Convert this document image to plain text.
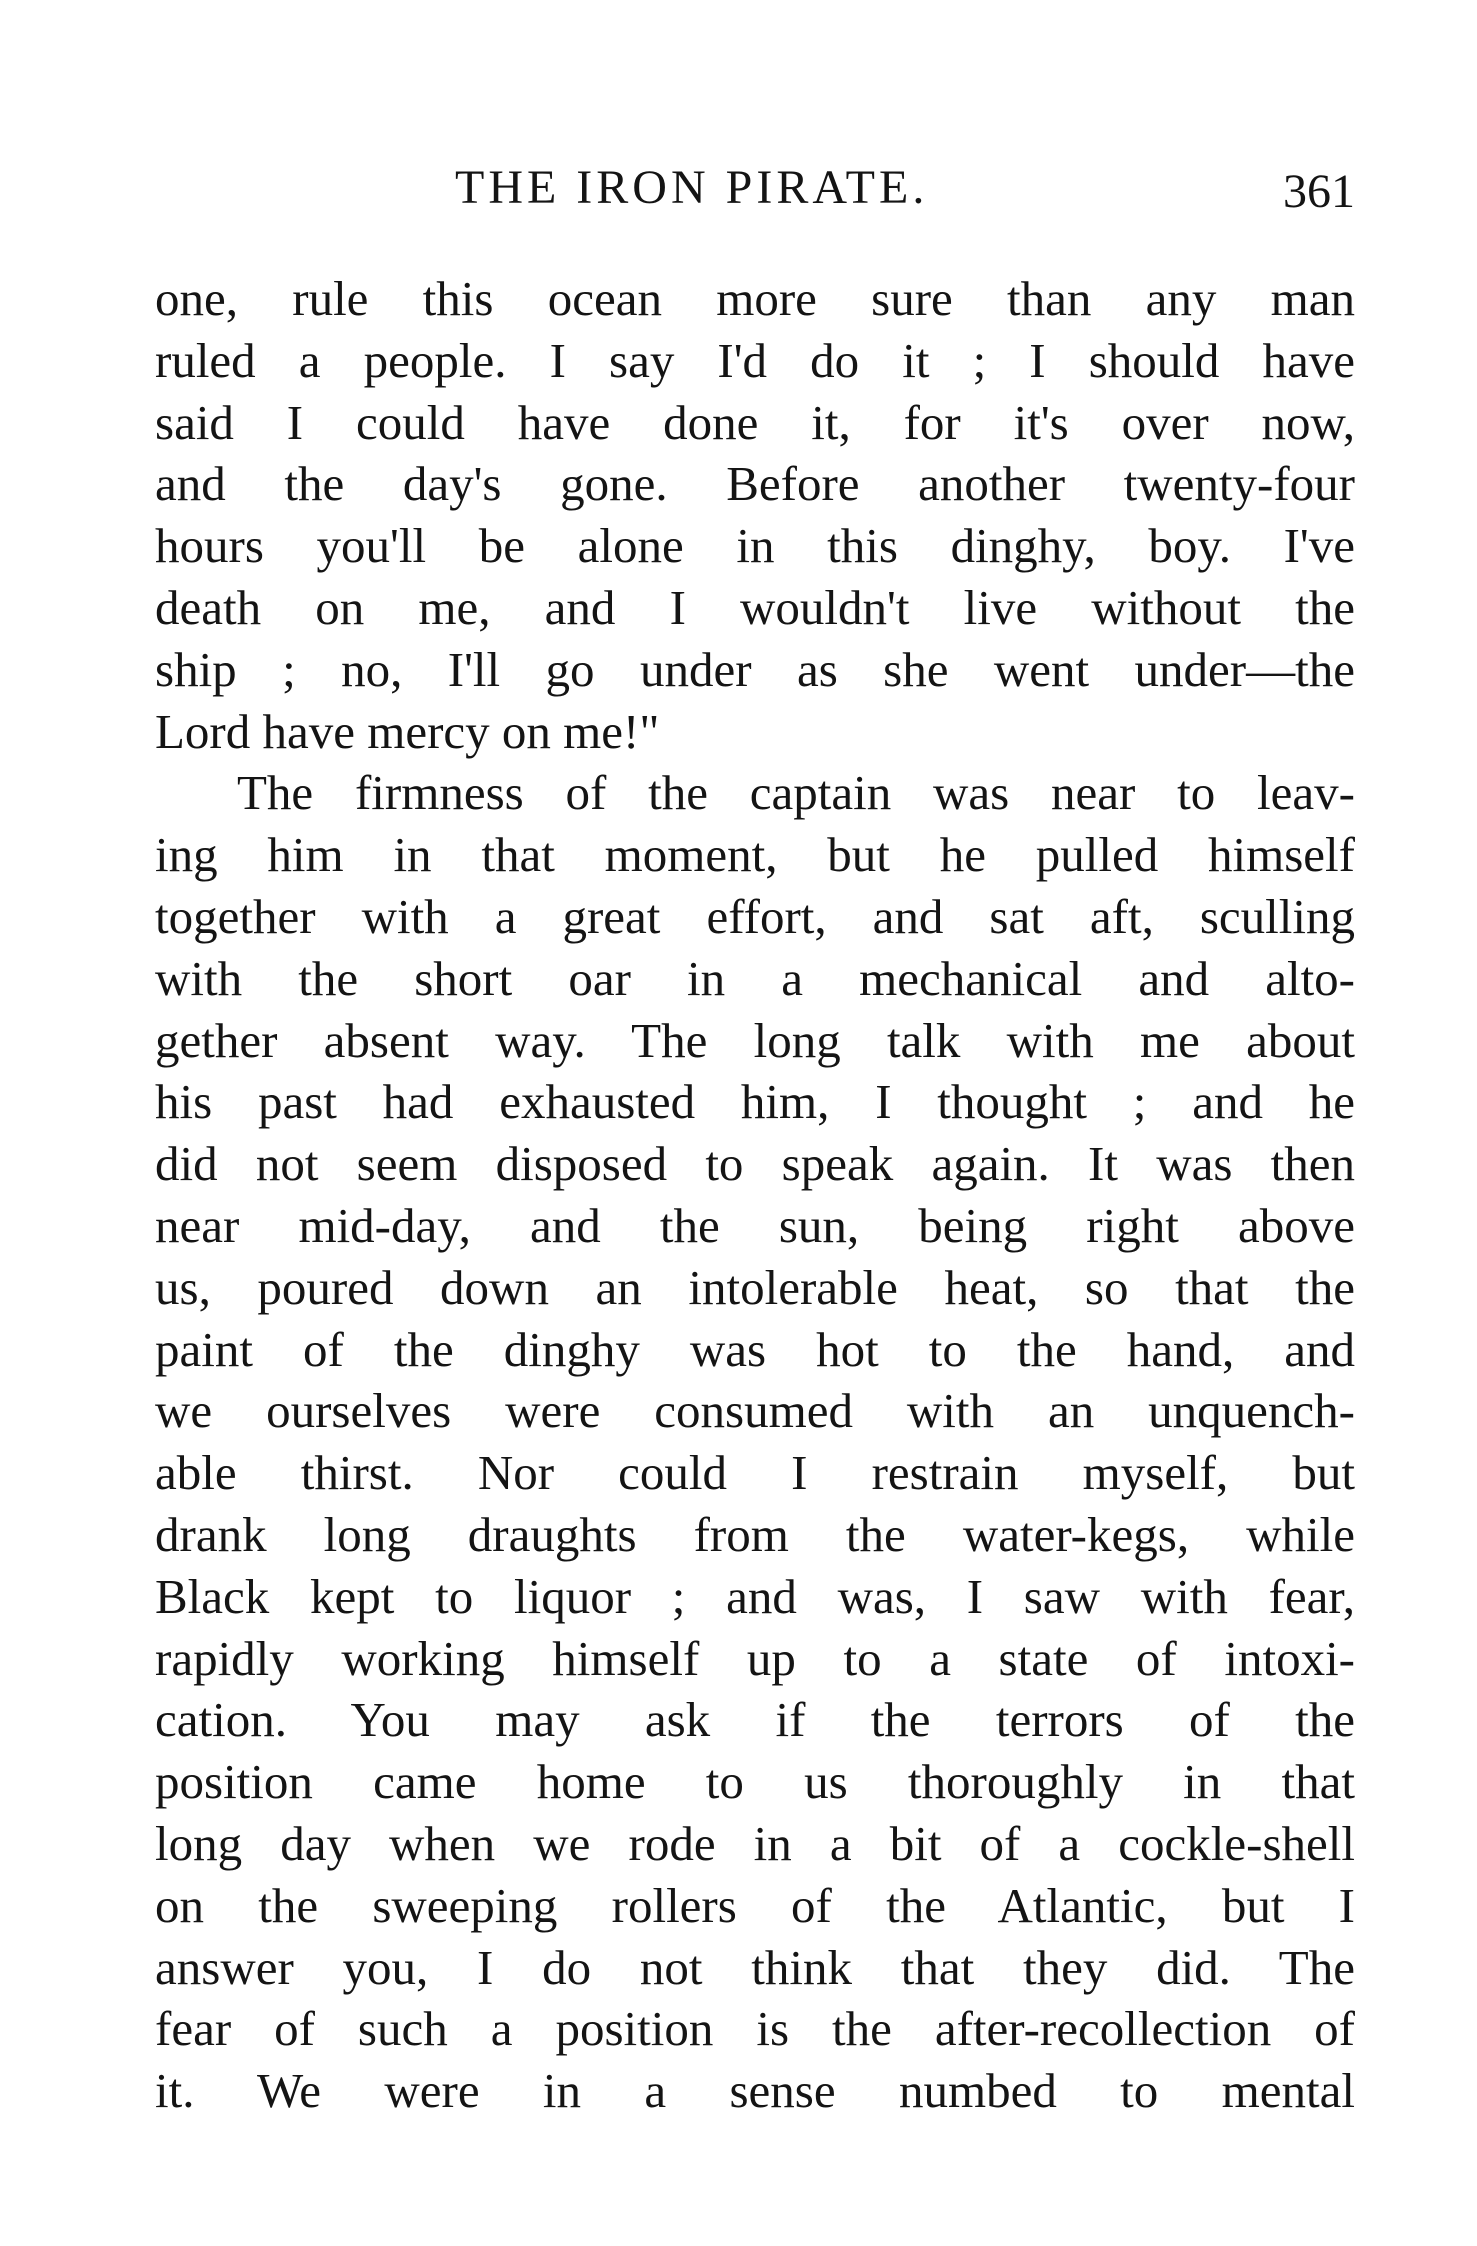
THE IRON PIRATE.	361
one, rule this ocean more sure than any man
ruled a people. I say I'd do it ; I should have
said I could have done it, for it's over now,
and the day's gone. Before another twenty-four
hours you'll be alone in this dinghy, boy. I've
death on me, and I wouldn't live without the
ship ; no, I'll go under as she went under—the
Lord have mercy on me!"
The firmness of the captain was near to leav-
ing him in that moment, but he pulled himself
together with a great effort, and sat aft, sculling
with the short oar in a mechanical and alto-
gether absent way. The long talk with me about
his past had exhausted him, I thought ; and he
did not seem disposed to speak again. It was then
near mid-day, and the sun, being right above
us, poured down an intolerable heat, so that the
paint of the dinghy was hot to the hand, and
we ourselves were consumed with an unquench-
able thirst. Nor could I restrain myself, but
drank long draughts from the water-kegs, while
Black kept to liquor ; and was, I saw with fear,
rapidly working himself up to a state of intoxi-
cation. You may ask if the terrors of the
position came home to us thoroughly in that
long day when we rode in a bit of a cockle-shell
on the sweeping rollers of the Atlantic, but I
answer you, I do not think that they did. The
fear of such a position is the after-recollection of
it. We were in a sense numbed to mental
